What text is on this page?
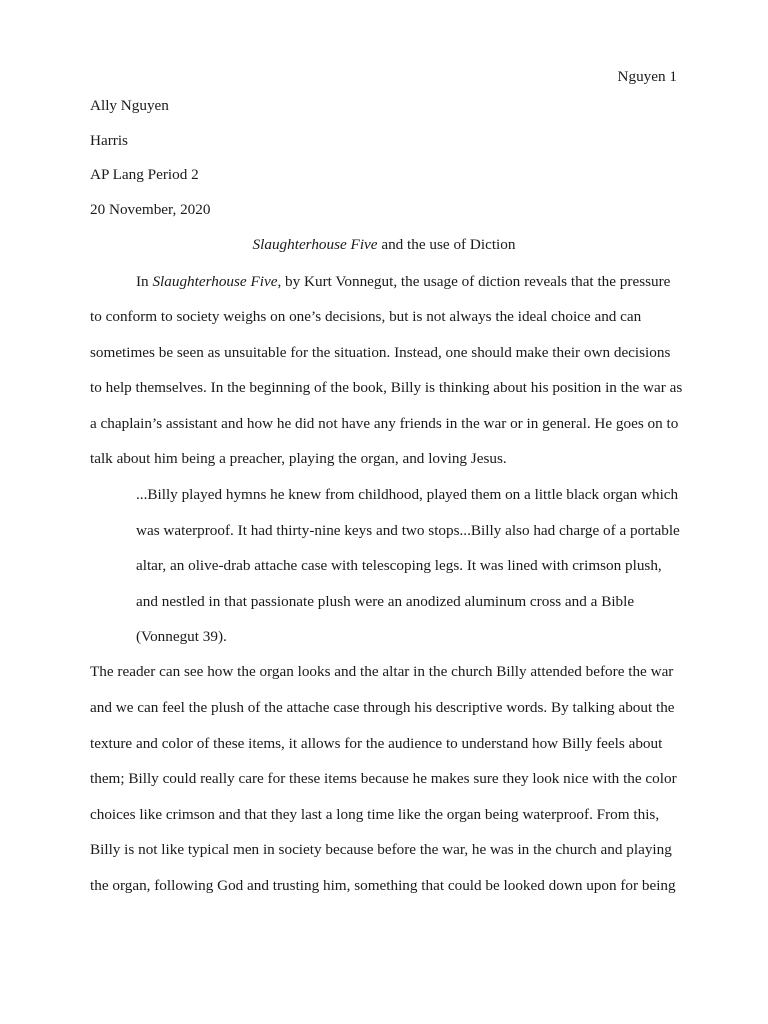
Nguyen 1
Ally Nguyen
Harris
AP Lang Period 2
20 November, 2020
Slaughterhouse Five and the use of Diction
In Slaughterhouse Five, by Kurt Vonnegut, the usage of diction reveals that the pressure
to conform to society weighs on one’s decisions, but is not always the ideal choice and can
sometimes be seen as unsuitable for the situation. Instead, one should make their own decisions
to help themselves. In the beginning of the book, Billy is thinking about his position in the war as
a chaplain’s assistant and how he did not have any friends in the war or in general. He goes on to
talk about him being a preacher, playing the organ, and loving Jesus.
...Billy played hymns he knew from childhood, played them on a little black organ which
was waterproof. It had thirty-nine keys and two stops...Billy also had charge of a portable
altar, an olive-drab attache case with telescoping legs. It was lined with crimson plush,
and nestled in that passionate plush were an anodized aluminum cross and a Bible
(Vonnegut 39).
The reader can see how the organ looks and the altar in the church Billy attended before the war
and we can feel the plush of the attache case through his descriptive words. By talking about the
texture and color of these items, it allows for the audience to understand how Billy feels about
them; Billy could really care for these items because he makes sure they look nice with the color
choices like crimson and that they last a long time like the organ being waterproof. From this,
Billy is not like typical men in society because before the war, he was in the church and playing
the organ, following God and trusting him, something that could be looked down upon for being
